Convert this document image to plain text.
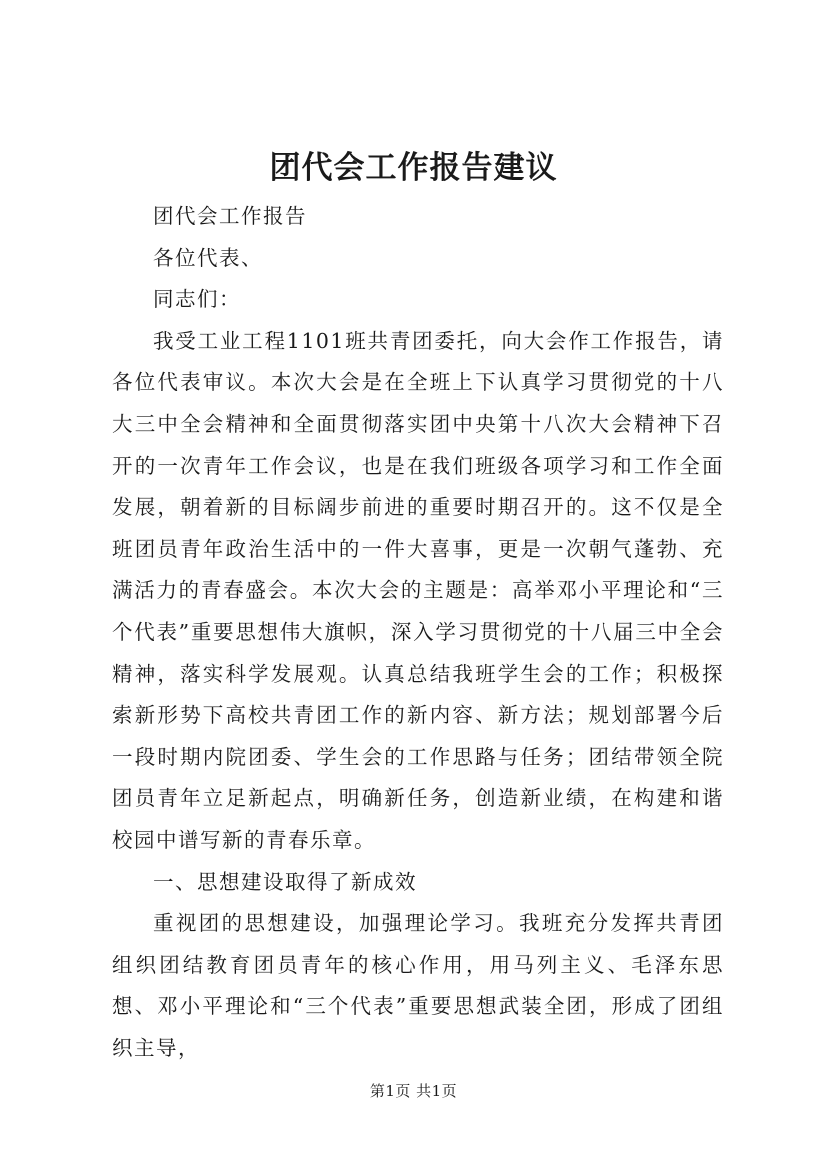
团代会工作报告建议

团代会工作报告

各位代表、

同志们：

我受工业工程1101班共青团委托，向大会作工作报告，请各位代表审议。本次大会是在全班上下认真学习贯彻党的十八大三中全会精神和全面贯彻落实团中央第十八次大会精神下召开的一次青年工作会议，也是在我们班级各项学习和工作全面发展，朝着新的目标阔步前进的重要时期召开的。这不仅是全班团员青年政治生活中的一件大喜事，更是一次朝气蓬勃、充满活力的青春盛会。本次大会的主题是：高举邓小平理论和“三个代表”重要思想伟大旗帜，深入学习贯彻党的十八届三中全会精神，落实科学发展观。认真总结我班学生会的工作；积极探索新形势下高校共青团工作的新内容、新方法；规划部署今后一段时期内院团委、学生会的工作思路与任务；团结带领全院团员青年立足新起点，明确新任务，创造新业绩，在构建和谐校园中谱写新的青春乐章。

一、思想建设取得了新成效

重视团的思想建设，加强理论学习。我班充分发挥共青团组织团结教育团员青年的核心作用，用马列主义、毛泽东思想、邓小平理论和“三个代表”重要思想武装全团，形成了团组织主导，

第1页 共1页
